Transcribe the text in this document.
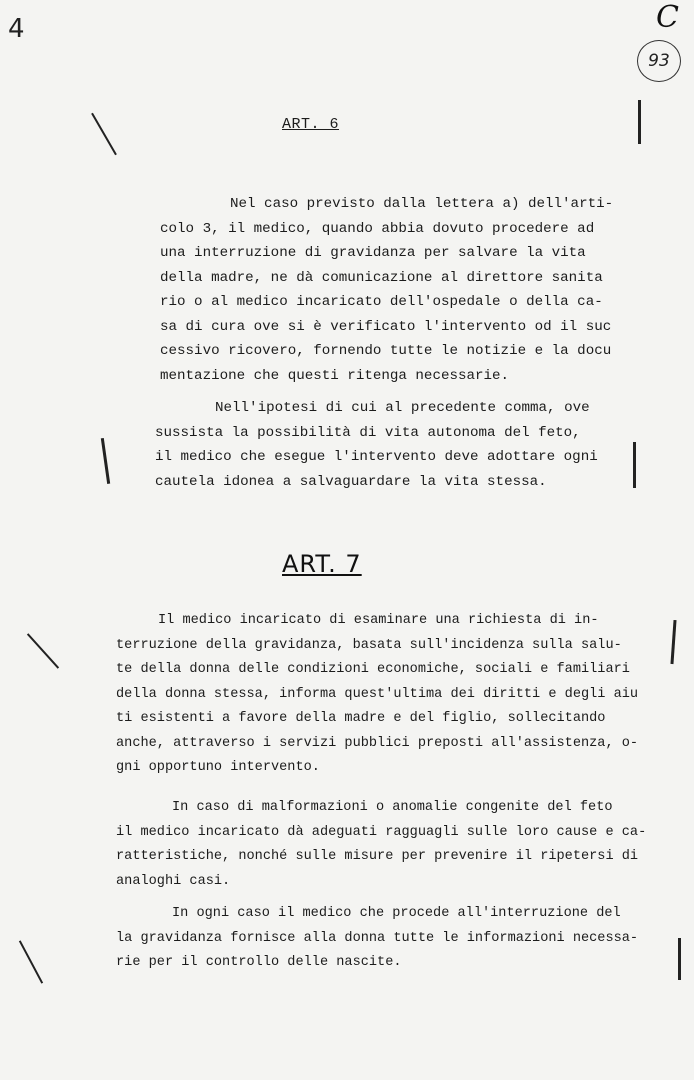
4	C
93
ART. 6
Nel caso previsto dalla lettera a) dell'arti-
colo 3, il medico, quando abbia dovuto procedere ad
una interruzione di gravidanza per salvare la vita
della madre, ne dà comunicazione al direttore sanita
rio o al medico incaricato dell'ospedale o della ca-
sa di cura ove si è verificato l'intervento od il suc
cessivo ricovero, fornendo tutte le notizie e la docu
mentazione che questi ritenga necessarie.
Nell'ipotesi di cui al precedente comma, ove
sussista la possibilità di vita autonoma del feto,
il medico che esegue l'intervento deve adottare ogni
cautela idonea a salvaguardare la vita stessa.
ART. 7
Il medico incaricato di esaminare una richiesta di in-
terruzione della gravidanza, basata sull'incidenza sulla salu-
te della donna delle condizioni economiche, sociali e familiari
della donna stessa, informa quest'ultima dei diritti e degli aiu
ti esistenti a favore della madre e del figlio, sollecitando
anche, attraverso i servizi pubblici preposti all'assistenza, o-
gni opportuno intervento.
In caso di malformazioni o anomalie congenite del feto
il medico incaricato dà adeguati ragguagli sulle loro cause e ca-
ratteristiche, nonché sulle misure per prevenire il ripetersi di
analoghi casi.
In ogni caso il medico che procede all'interruzione del
la gravidanza fornisce alla donna tutte le informazioni necessa-
rie per il controllo delle nascite.
